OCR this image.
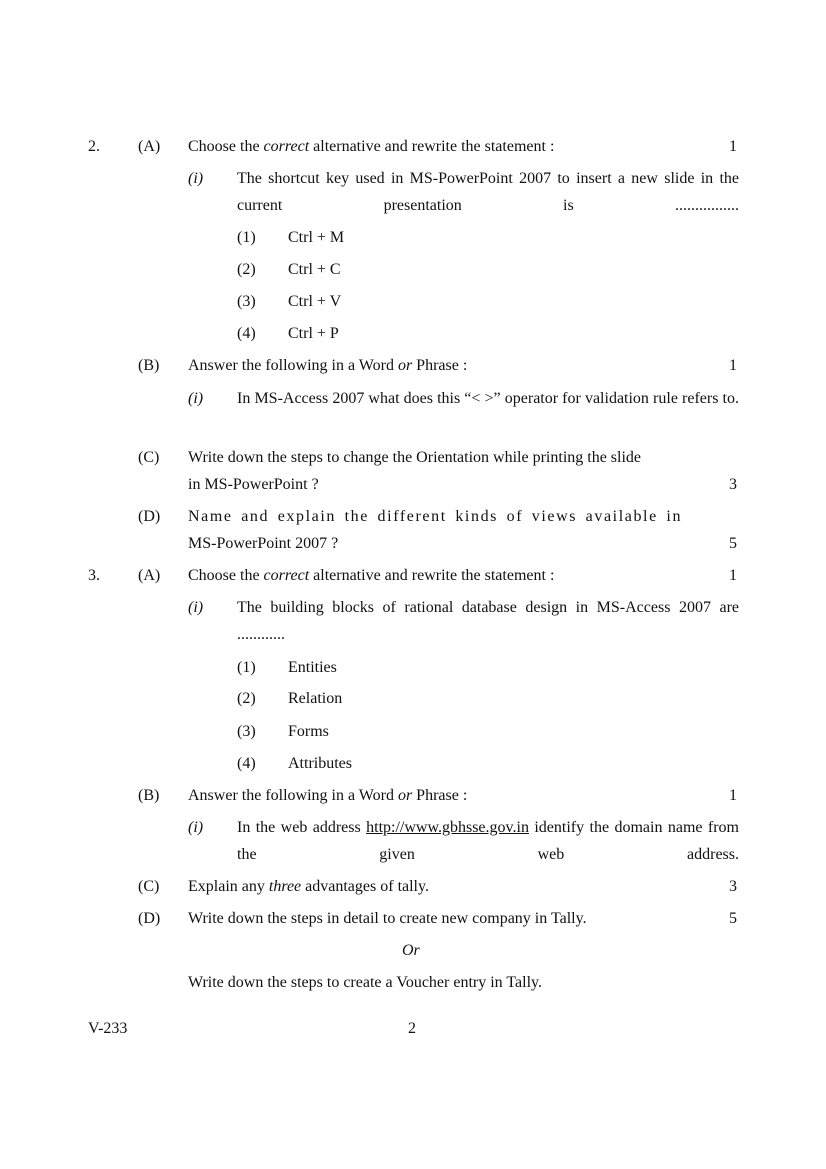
2. (A) Choose the correct alternative and rewrite the statement :	1
(i) The shortcut key used in MS-PowerPoint 2007 to insert a new slide in the current presentation is ................
(1) Ctrl + M
(2) Ctrl + C
(3) Ctrl + V
(4) Ctrl + P
(B) Answer the following in a Word or Phrase :	1
(i) In MS-Access 2007 what does this “< >” operator for validation rule refers to.
(C) Write down the steps to change the Orientation while printing the slide
in MS-PowerPoint ?	3
(D) Name and explain the different kinds of views available in
MS-PowerPoint 2007 ?	5
3. (A) Choose the correct alternative and rewrite the statement :	1
(i) The building blocks of rational database design in MS-Access 2007 are ............
(1) Entities
(2) Relation
(3) Forms
(4) Attributes
(B) Answer the following in a Word or Phrase :	1
(i) In the web address http://www.gbhsse.gov.in identify the domain name from the given web address.
(C) Explain any three advantages of tally.	3
(D) Write down the steps in detail to create new company in Tally.	5
Or
Write down the steps to create a Voucher entry in Tally.
V-233	2
